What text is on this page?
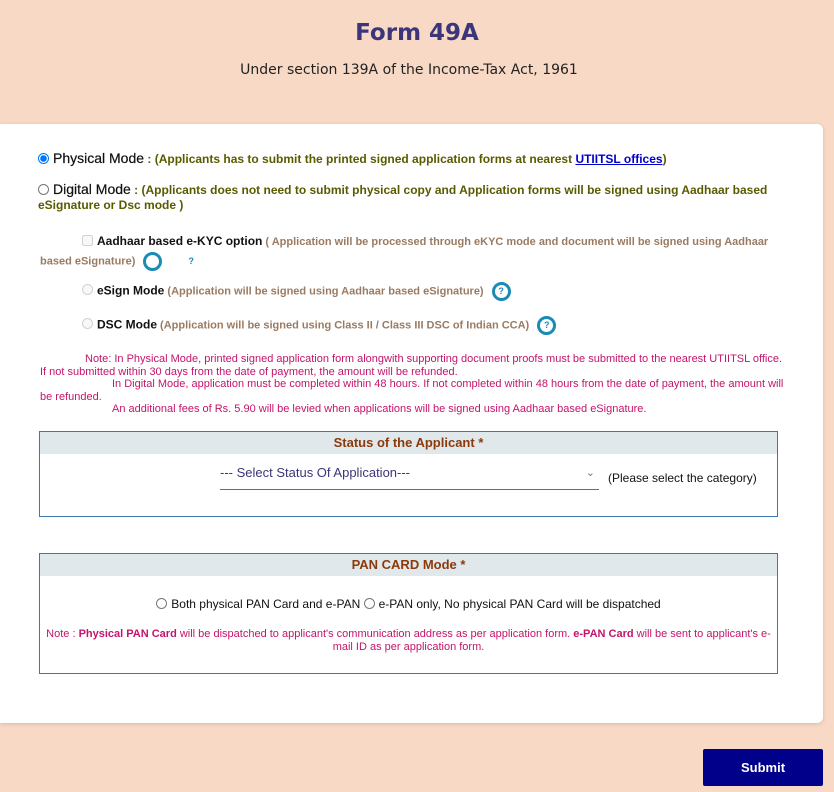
Form 49A
Under section 139A of the Income-Tax Act, 1961
Physical Mode : (Applicants has to submit the printed signed application forms at nearest UTIITSL offices)
Digital Mode : (Applicants does not need to submit physical copy and Application forms will be signed using Aadhaar based eSignature or Dsc mode )
Aadhaar based e-KYC option ( Application will be processed through eKYC mode and document will be signed using Aadhaar based eSignature)	?
eSign Mode (Application will be signed using Aadhaar based eSignature) ?
DSC Mode (Application will be signed using Class II / Class III DSC of Indian CCA) ?
Note: In Physical Mode, printed signed application form alongwith supporting document proofs must be submitted to the nearest UTIITSL office. If not submitted within 30 days from the date of payment, the amount will be refunded.
In Digital Mode, application must be completed within 48 hours. If not completed within 48 hours from the date of payment, the amount will be refunded.
An additional fees of Rs. 5.90 will be levied when applications will be signed using Aadhaar based eSignature.
Status of the Applicant *
--- Select Status Of Application---	⌄ (Please select the category)
PAN CARD Mode *
Both physical PAN Card and e-PAN e-PAN only, No physical PAN Card will be dispatched
Note : Physical PAN Card will be dispatched to applicant's communication address as per application form. e-PAN Card will be sent to applicant's e-mail ID as per application form.
Submit
